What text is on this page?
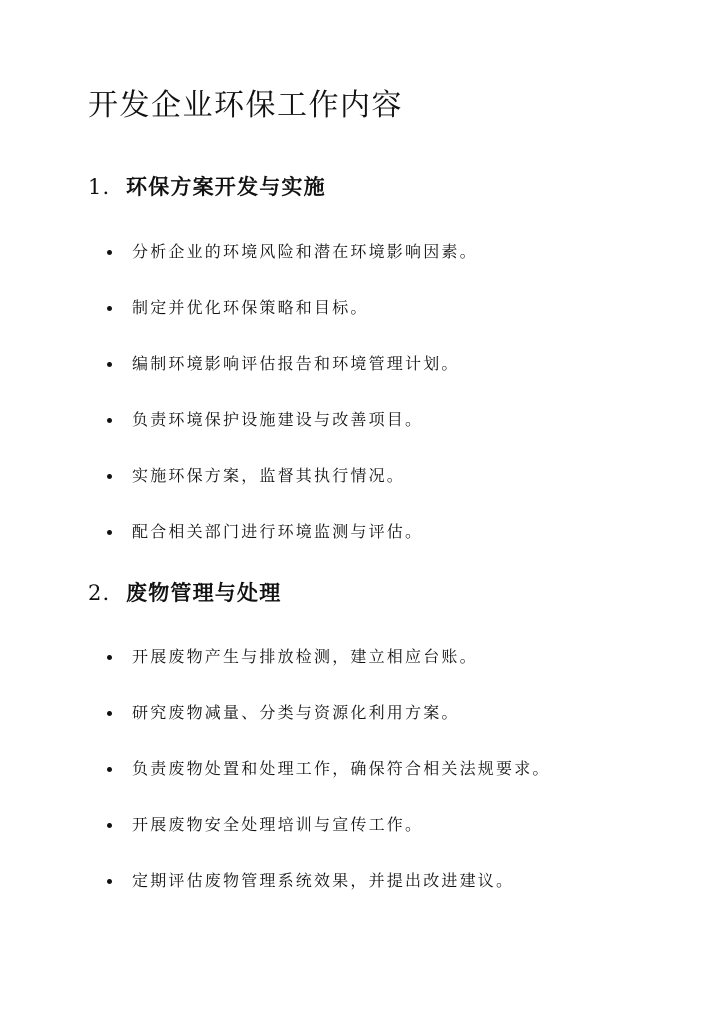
开发企业环保工作内容
1. 环保方案开发与实施
分析企业的环境风险和潜在环境影响因素。
制定并优化环保策略和目标。
编制环境影响评估报告和环境管理计划。
负责环境保护设施建设与改善项目。
实施环保方案，监督其执行情况。
配合相关部门进行环境监测与评估。
2. 废物管理与处理
开展废物产生与排放检测，建立相应台账。
研究废物减量、分类与资源化利用方案。
负责废物处置和处理工作，确保符合相关法规要求。
开展废物安全处理培训与宣传工作。
定期评估废物管理系统效果，并提出改进建议。
